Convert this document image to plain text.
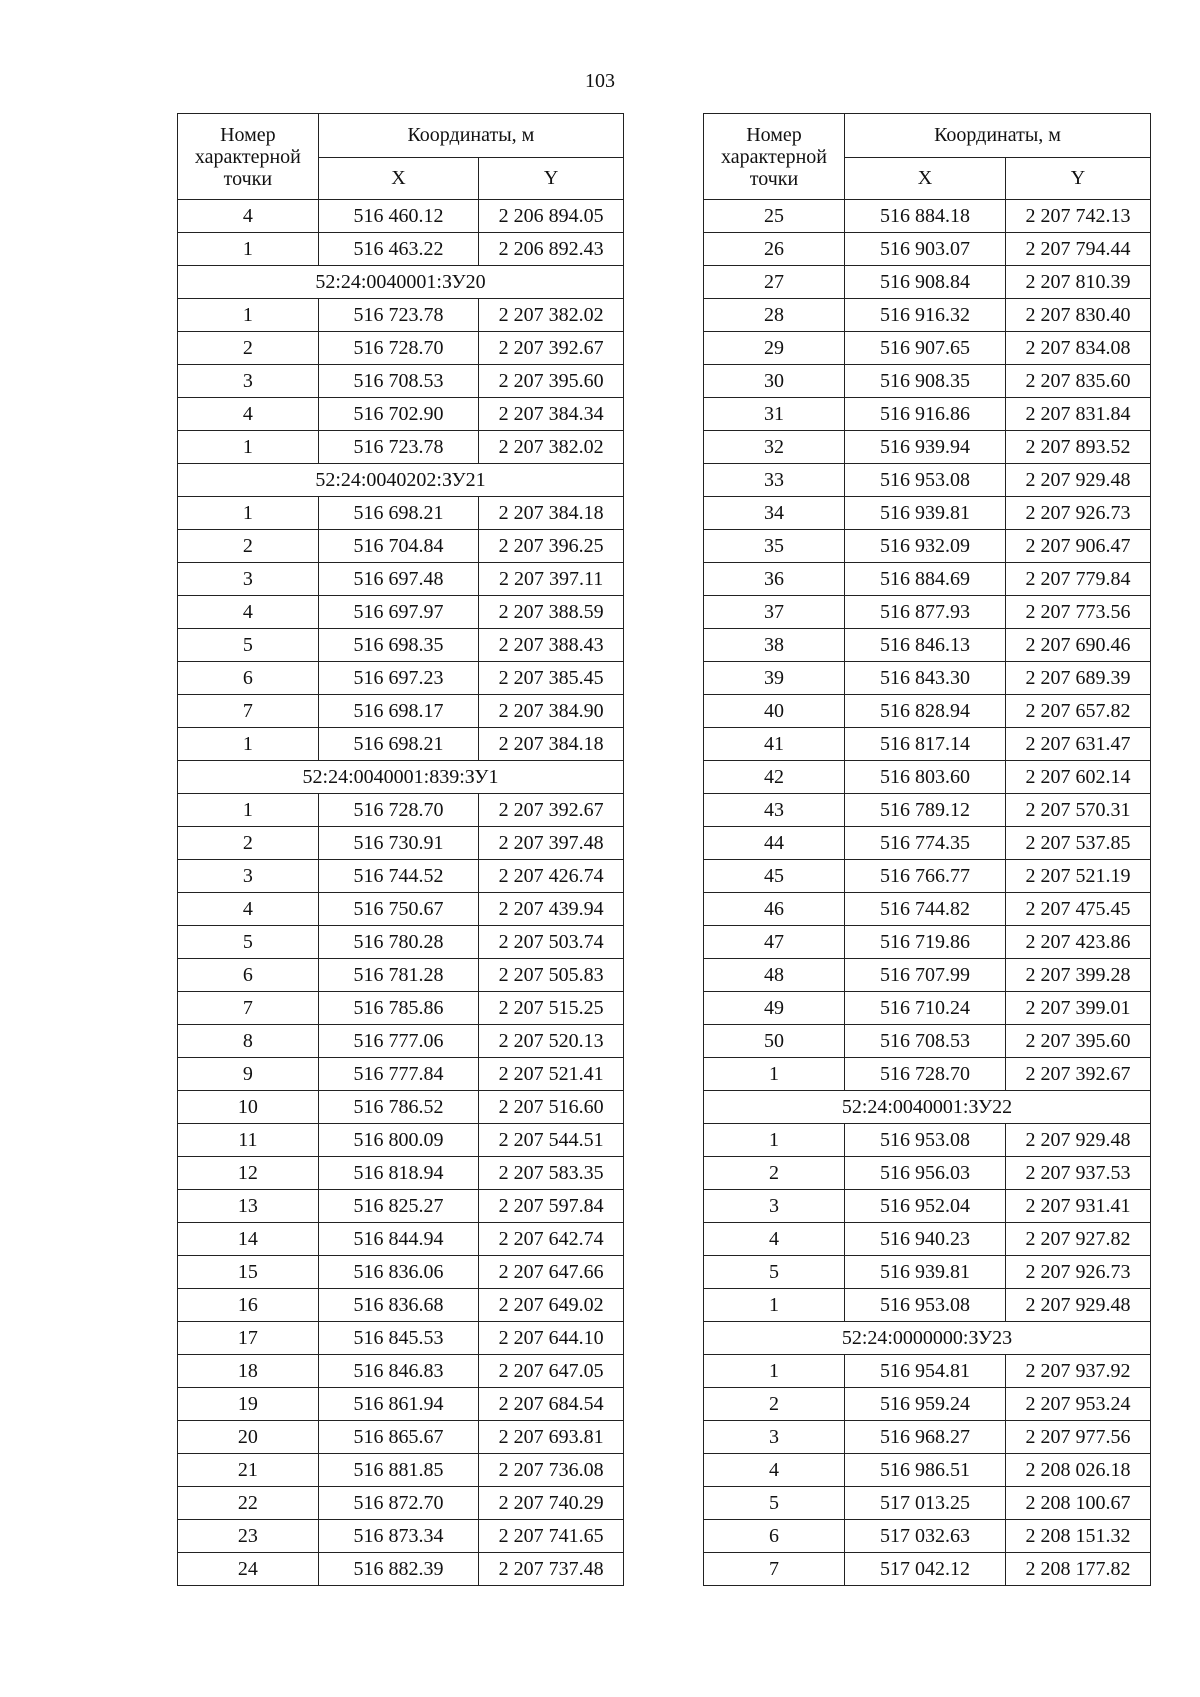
103
Номер
характерной
точки	Координаты, м	
	X	Y
4	516 460.12	2 206 894.05
1	516 463.22	2 206 892.43
52:24:0040001:ЗУ20		
1	516 723.78	2 207 382.02
2	516 728.70	2 207 392.67
3	516 708.53	2 207 395.60
4	516 702.90	2 207 384.34
1	516 723.78	2 207 382.02
52:24:0040202:ЗУ21		
1	516 698.21	2 207 384.18
2	516 704.84	2 207 396.25
3	516 697.48	2 207 397.11
4	516 697.97	2 207 388.59
5	516 698.35	2 207 388.43
6	516 697.23	2 207 385.45
7	516 698.17	2 207 384.90
1	516 698.21	2 207 384.18
52:24:0040001:839:ЗУ1		
1	516 728.70	2 207 392.67
2	516 730.91	2 207 397.48
3	516 744.52	2 207 426.74
4	516 750.67	2 207 439.94
5	516 780.28	2 207 503.74
6	516 781.28	2 207 505.83
7	516 785.86	2 207 515.25
8	516 777.06	2 207 520.13
9	516 777.84	2 207 521.41
10	516 786.52	2 207 516.60
11	516 800.09	2 207 544.51
12	516 818.94	2 207 583.35
13	516 825.27	2 207 597.84
14	516 844.94	2 207 642.74
15	516 836.06	2 207 647.66
16	516 836.68	2 207 649.02
17	516 845.53	2 207 644.10
18	516 846.83	2 207 647.05
19	516 861.94	2 207 684.54
20	516 865.67	2 207 693.81
21	516 881.85	2 207 736.08
22	516 872.70	2 207 740.29
23	516 873.34	2 207 741.65
24	516 882.39	2 207 737.48
Номер
характерной
точки	Координаты, м	
	X	Y
25	516 884.18	2 207 742.13
26	516 903.07	2 207 794.44
27	516 908.84	2 207 810.39
28	516 916.32	2 207 830.40
29	516 907.65	2 207 834.08
30	516 908.35	2 207 835.60
31	516 916.86	2 207 831.84
32	516 939.94	2 207 893.52
33	516 953.08	2 207 929.48
34	516 939.81	2 207 926.73
35	516 932.09	2 207 906.47
36	516 884.69	2 207 779.84
37	516 877.93	2 207 773.56
38	516 846.13	2 207 690.46
39	516 843.30	2 207 689.39
40	516 828.94	2 207 657.82
41	516 817.14	2 207 631.47
42	516 803.60	2 207 602.14
43	516 789.12	2 207 570.31
44	516 774.35	2 207 537.85
45	516 766.77	2 207 521.19
46	516 744.82	2 207 475.45
47	516 719.86	2 207 423.86
48	516 707.99	2 207 399.28
49	516 710.24	2 207 399.01
50	516 708.53	2 207 395.60
1	516 728.70	2 207 392.67
52:24:0040001:ЗУ22		
1	516 953.08	2 207 929.48
2	516 956.03	2 207 937.53
3	516 952.04	2 207 931.41
4	516 940.23	2 207 927.82
5	516 939.81	2 207 926.73
1	516 953.08	2 207 929.48
52:24:0000000:ЗУ23		
1	516 954.81	2 207 937.92
2	516 959.24	2 207 953.24
3	516 968.27	2 207 977.56
4	516 986.51	2 208 026.18
5	517 013.25	2 208 100.67
6	517 032.63	2 208 151.32
7	517 042.12	2 208 177.82
